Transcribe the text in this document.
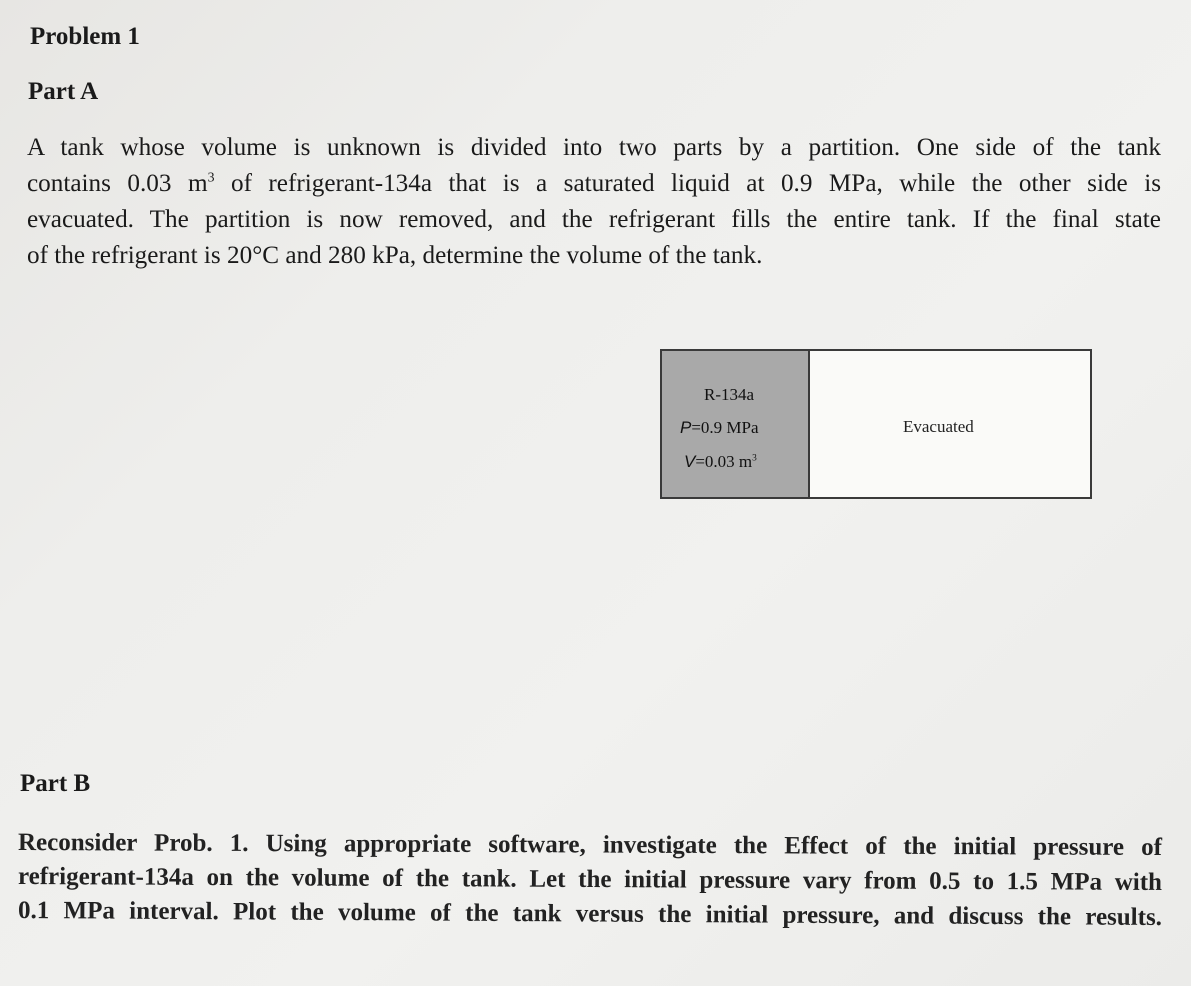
Problem 1
Part A
A tank whose volume is unknown is divided into two parts by a partition. One side of the tank
contains 0.03 $m^3$ of refrigerant-134a that is a saturated liquid at 0.9 MPa, while the other side is
evacuated. The partition is now removed, and the refrigerant fills the entire tank. If the final state
of the refrigerant is 20°C and 280 kPa, determine the volume of the tank.
R-134a
P=0.9 MPa
V=0.03 $m^3$
Evacuated
Part B
Reconsider Prob. 1. Using appropriate software, investigate the Effect of the initial pressure of
refrigerant-134a on the volume of the tank. Let the initial pressure vary from 0.5 to 1.5 MPa with
0.1 MPa interval. Plot the volume of the tank versus the initial pressure, and discuss the results.
